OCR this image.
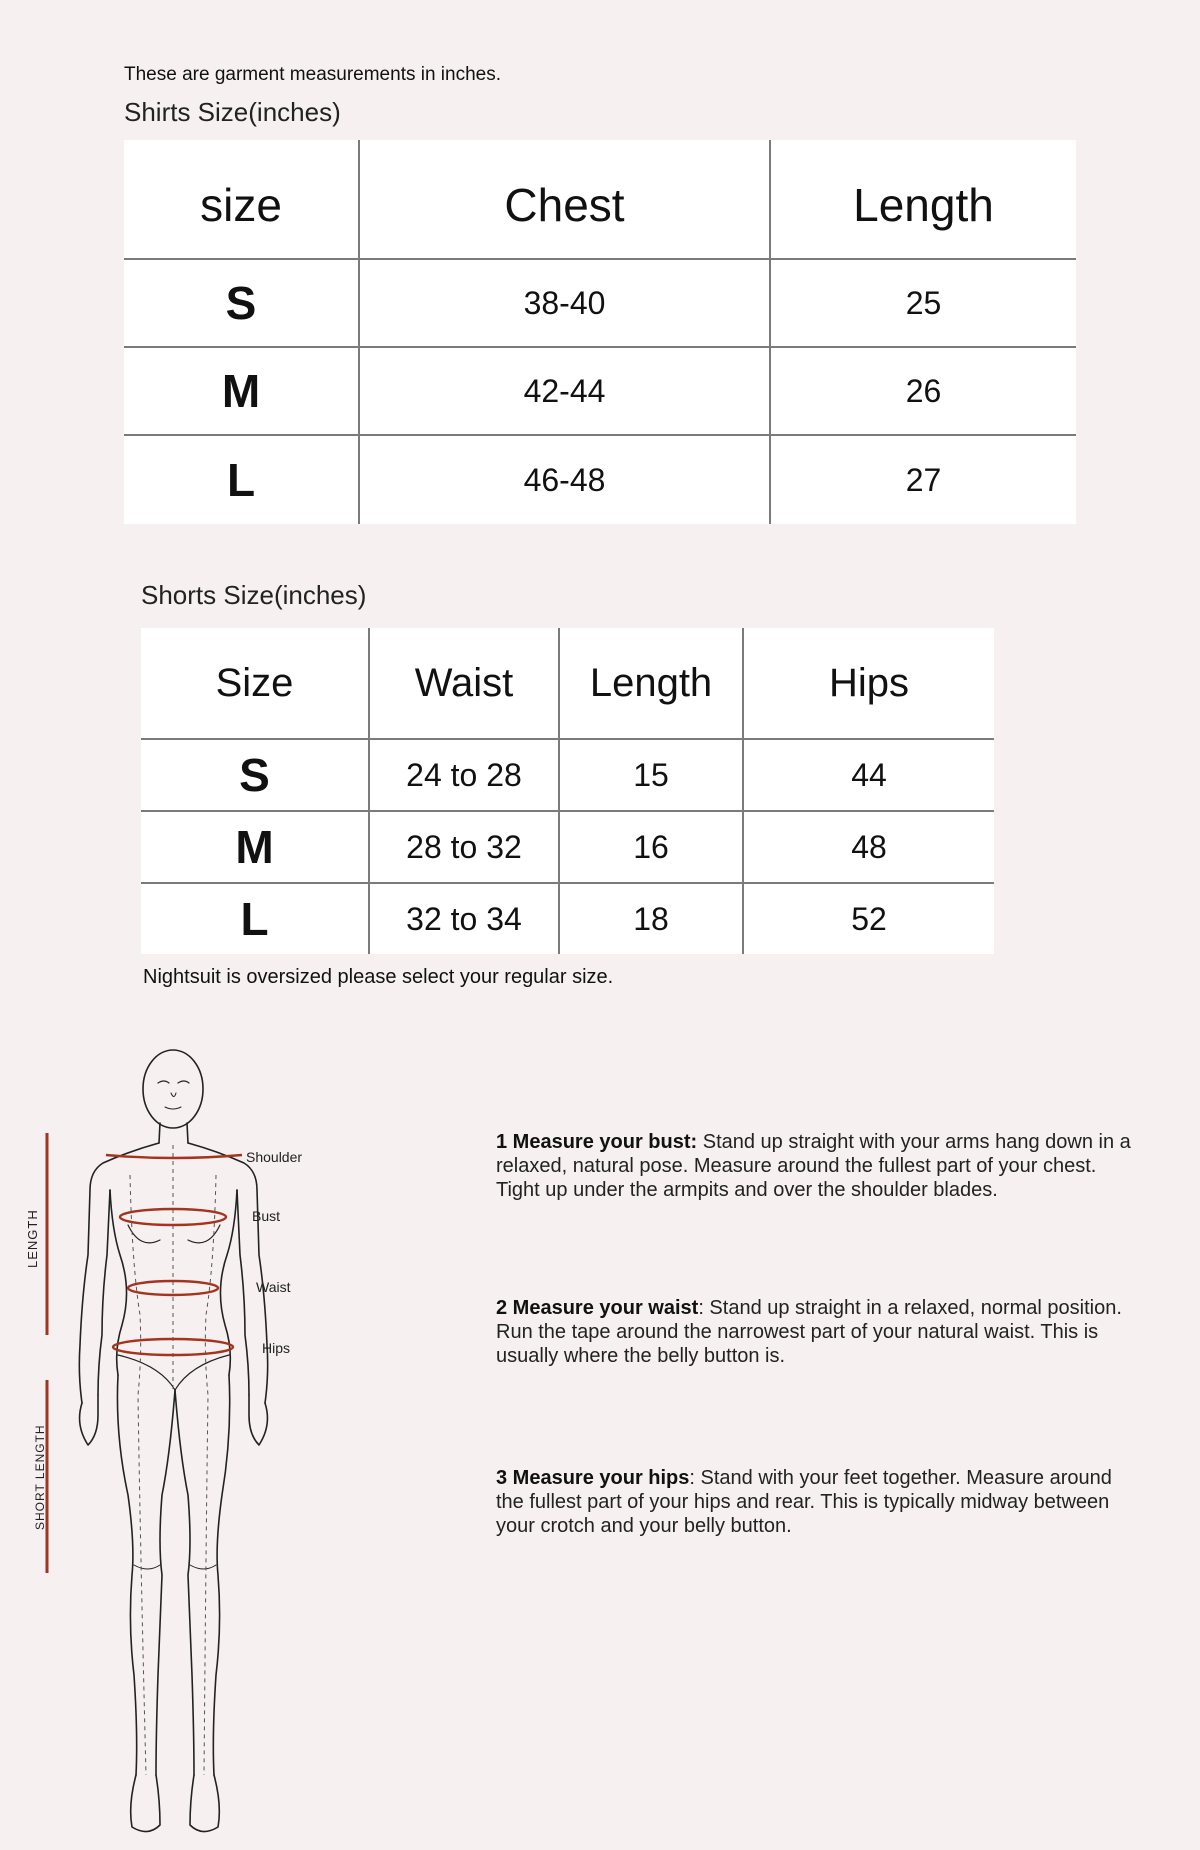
These are garment measurements in inches.
Shirts Size(inches)
size	Chest	Length
S	38-40	25
M	42-44	26
L	46-48	27
Shorts Size(inches)
Size	Waist	Length	Hips
S	24 to 28	15	44
M	28 to 32	16	48
L	32 to 34	18	52
Nightsuit is oversized please select your regular size.
LENGTH
SHORT LENGTH
Shoulder
Bust
Waist
Hips
1 Measure your bust: Stand up straight with your arms hang down in a relaxed, natural pose. Measure around the fullest part of your chest. Tight up under the armpits and over the shoulder blades.
2 Measure your waist: Stand up straight in a relaxed, normal position. Run the tape around the narrowest part of your natural waist. This is usually where the belly button is.
3 Measure your hips: Stand with your feet together. Measure around the fullest part of your hips and rear. This is typically midway between your crotch and your belly button.
